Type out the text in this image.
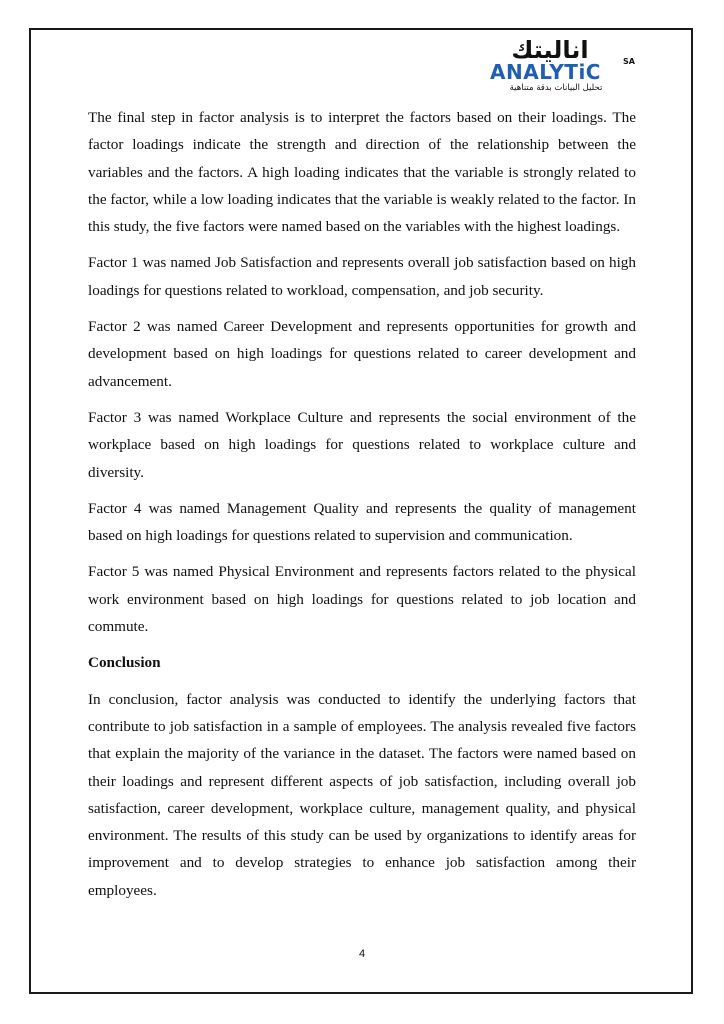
انالیتك
ANALYTiC	SA
تحليل البيانات بدقة متناهية

The final step in factor analysis is to interpret the factors based on their loadings. The factor loadings indicate the strength and direction of the relationship between the variables and the factors. A high loading indicates that the variable is strongly related to the factor, while a low loading indicates that the variable is weakly related to the factor. In this study, the five factors were named based on the variables with the highest loadings.

Factor 1 was named Job Satisfaction and represents overall job satisfaction based on high loadings for questions related to workload, compensation, and job security.

Factor 2 was named Career Development and represents opportunities for growth and development based on high loadings for questions related to career development and advancement.

Factor 3 was named Workplace Culture and represents the social environment of the workplace based on high loadings for questions related to workplace culture and diversity.

Factor 4 was named Management Quality and represents the quality of management based on high loadings for questions related to supervision and communication.

Factor 5 was named Physical Environment and represents factors related to the physical work environment based on high loadings for questions related to job location and commute.

Conclusion

In conclusion, factor analysis was conducted to identify the underlying factors that contribute to job satisfaction in a sample of employees. The analysis revealed five factors that explain the majority of the variance in the dataset. The factors were named based on their loadings and represent different aspects of job satisfaction, including overall job satisfaction, career development, workplace culture, management quality, and physical environment. The results of this study can be used by organizations to identify areas for improvement and to develop strategies to enhance job satisfaction among their employees.

4
